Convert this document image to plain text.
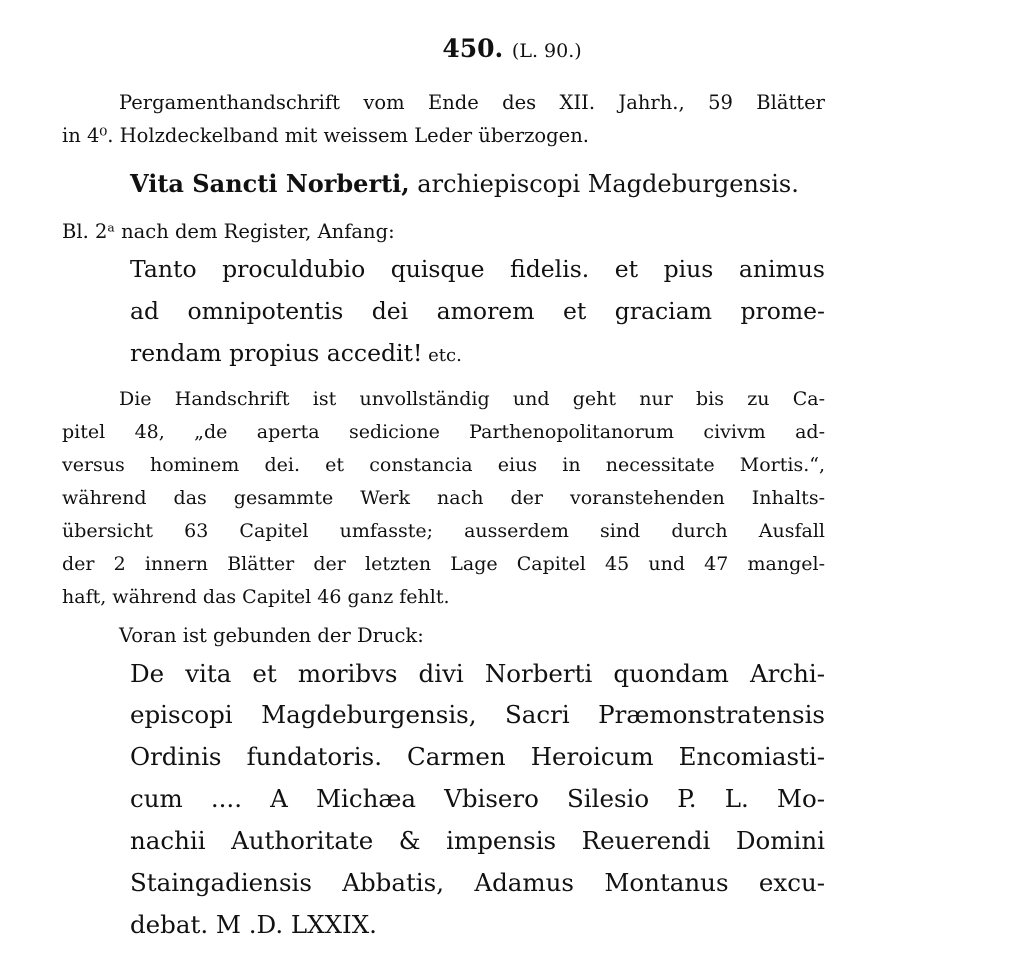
450. (L. 90.)
Pergamenthandschrift vom Ende des XII. Jahrh., 59 Blätter
in 4⁰. Holzdeckelband mit weissem Leder überzogen.
Vita Sancti Norberti, archiepiscopi Magdeburgensis.
Bl. 2ᵃ nach dem Register, Anfang:
Tanto proculdubio quisque fidelis. et pius animus
ad omnipotentis dei amorem et graciam prome-
rendam propius accedit! etc.
Die Handschrift ist unvollständig und geht nur bis zu Ca-
pitel 48, „de aperta sedicione Parthenopolitanorum civivm ad-
versus hominem dei. et constancia eius in necessitate Mortis.“,
während das gesammte Werk nach der voranstehenden Inhalts-
übersicht 63 Capitel umfasste; ausserdem sind durch Ausfall
der 2 innern Blätter der letzten Lage Capitel 45 und 47 mangel-
haft, während das Capitel 46 ganz fehlt.
Voran ist gebunden der Druck:
De vita et moribvs divi Norberti quondam Archi-
episcopi Magdeburgensis, Sacri Præmonstratensis
Ordinis fundatoris. Carmen Heroicum Encomiasti-
cum .... A Michæa Vbisero Silesio P. L. Mo-
nachii Authoritate & impensis Reuerendi Domini
Staingadiensis Abbatis, Adamus Montanus excu-
debat. M .D. LXXIX.
